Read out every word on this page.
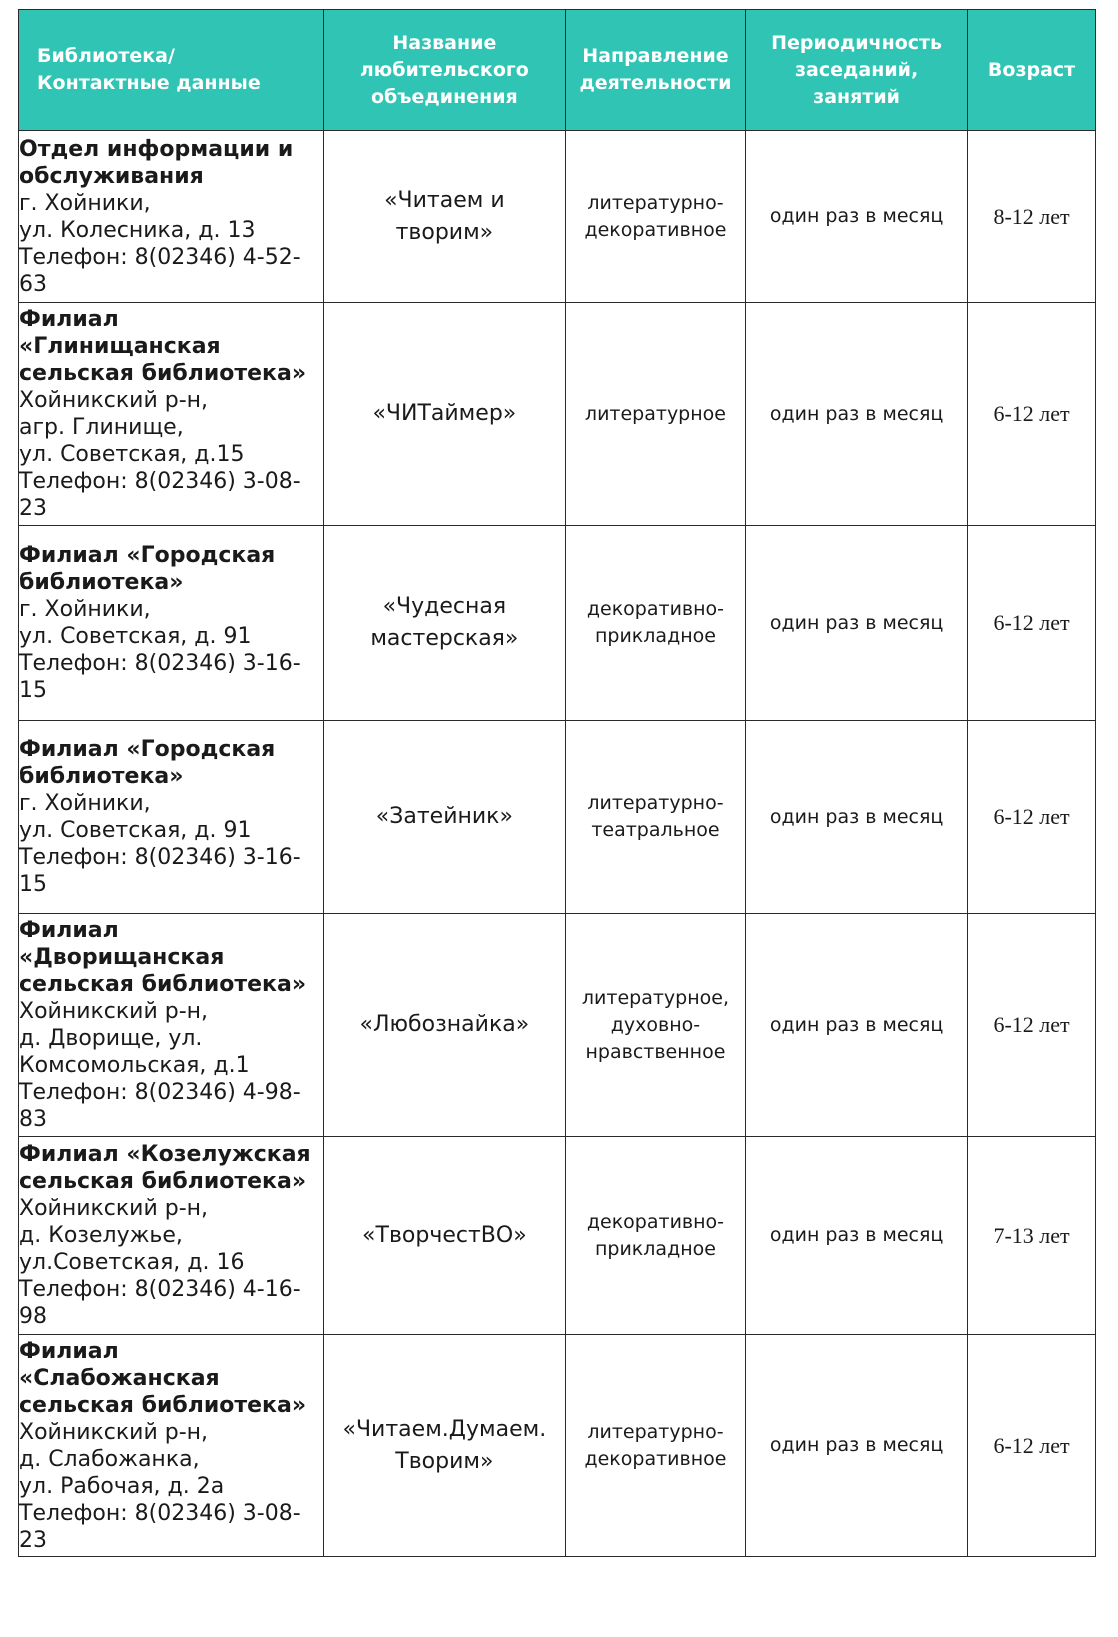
Библиотека/
Контактные данные	Название
любительского
объединения	Направление
деятельности	Периодичность
заседаний,
занятий	Возраст

Отдел информации и обслуживания
г. Хойники,
ул. Колесника, д. 13
Телефон: 8(02346) 4-52-63	«Читаем и
творим»	литературно-
декоративное	один раз в месяц	8-12 лет

Филиал «Глинищанская сельская библиотека»
Хойникский р-н,
агр. Глинище,
ул. Советская, д.15
Телефон: 8(02346) 3-08-23	«ЧИТаймер»	литературное	один раз в месяц	6-12 лет

Филиал «Городская библиотека»
г. Хойники,
ул. Советская, д. 91
Телефон: 8(02346) 3-16-15	«Чудесная
мастерская»	декоративно-
прикладное	один раз в месяц	6-12 лет

Филиал «Городская библиотека»
г. Хойники,
ул. Советская, д. 91
Телефон: 8(02346) 3-16-15	«Затейник»	литературно-
театральное	один раз в месяц	6-12 лет

Филиал «Дворищанская сельская библиотека»
Хойникский р-н,
д. Дворище, ул.
Комсомольская, д.1
Телефон: 8(02346) 4-98-83	«Любознайка»	литературное,
духовно-
нравственное	один раз в месяц	6-12 лет

Филиал «Козелужская сельская библиотека»
Хойникский р-н,
д. Козелужье,
ул.Советская, д. 16
Телефон: 8(02346) 4-16-98	«ТворчестВО»	декоративно-
прикладное	один раз в месяц	7-13 лет

Филиал «Слабожанская сельская библиотека»
Хойникский р-н,
д. Слабожанка,
ул. Рабочая, д. 2а
Телефон: 8(02346) 3-08-23	«Читаем.Думаем.
Творим»	литературно-
декоративное	один раз в месяц	6-12 лет
